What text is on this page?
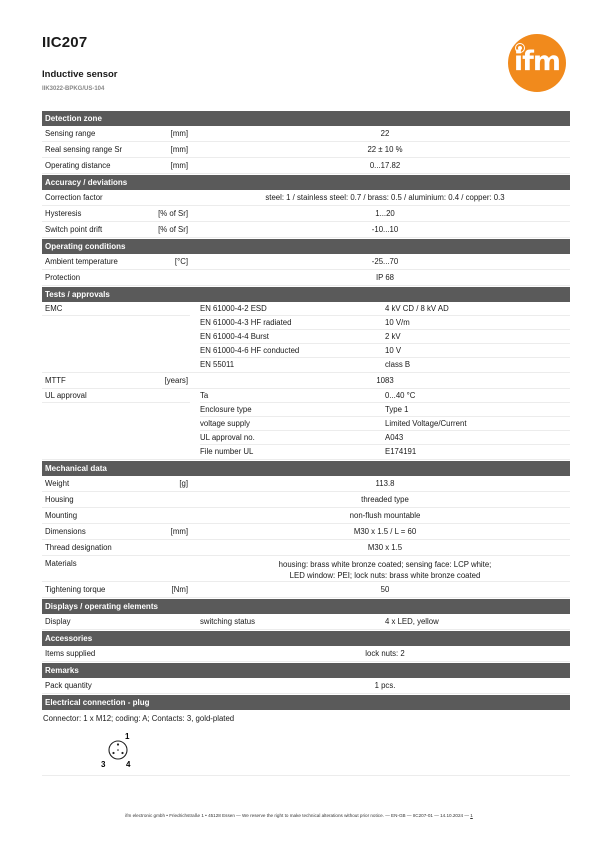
IIC207
Inductive sensor
IIK3022-BPKG/US-104
ifm
Detection zone
Sensing range	[mm]	22
Real sensing range Sr	[mm]	22 ± 10 %
Operating distance	[mm]	0...17.82
Accuracy / deviations
Correction factor	steel: 1 / stainless steel: 0.7 / brass: 0.5 / aluminium: 0.4 / copper: 0.3
Hysteresis	[% of Sr]	1...20
Switch point drift	[% of Sr]	-10...10
Operating conditions
Ambient temperature	[°C]	-25...70
Protection	IP 68
Tests / approvals
EMC	EN 61000-4-2 ESD	4 kV CD / 8 kV AD
EN 61000-4-3 HF radiated	10 V/m
EN 61000-4-4 Burst	2 kV
EN 61000-4-6 HF conducted	10 V
EN 55011	class B
MTTF	[years]	1083
UL approval	Ta	0...40 °C
Enclosure type	Type 1
voltage supply	Limited Voltage/Current
UL approval no.	A043
File number UL	E174191
Mechanical data
Weight	[g]	113.8
Housing	threaded type
Mounting	non-flush mountable
Dimensions	[mm]	M30 x 1.5 / L = 60
Thread designation	M30 x 1.5
Materials	housing: brass white bronze coated; sensing face: LCP white;
LED window: PEI; lock nuts: brass white bronze coated
Tightening torque	[Nm]	50
Displays / operating elements
Display	switching status	4 x LED, yellow
Accessories
Items supplied	lock nuts: 2
Remarks
Pack quantity	1 pcs.
Electrical connection - plug
Connector: 1 x M12; coding: A; Contacts: 3, gold-plated
1
3	4
ifm electronic gmbh • Friedrichstraße 1 • 45128 Essen — We reserve the right to make technical alterations without prior notice. — EN-GB — IIC207-01 — 14.10.2024 — 1
